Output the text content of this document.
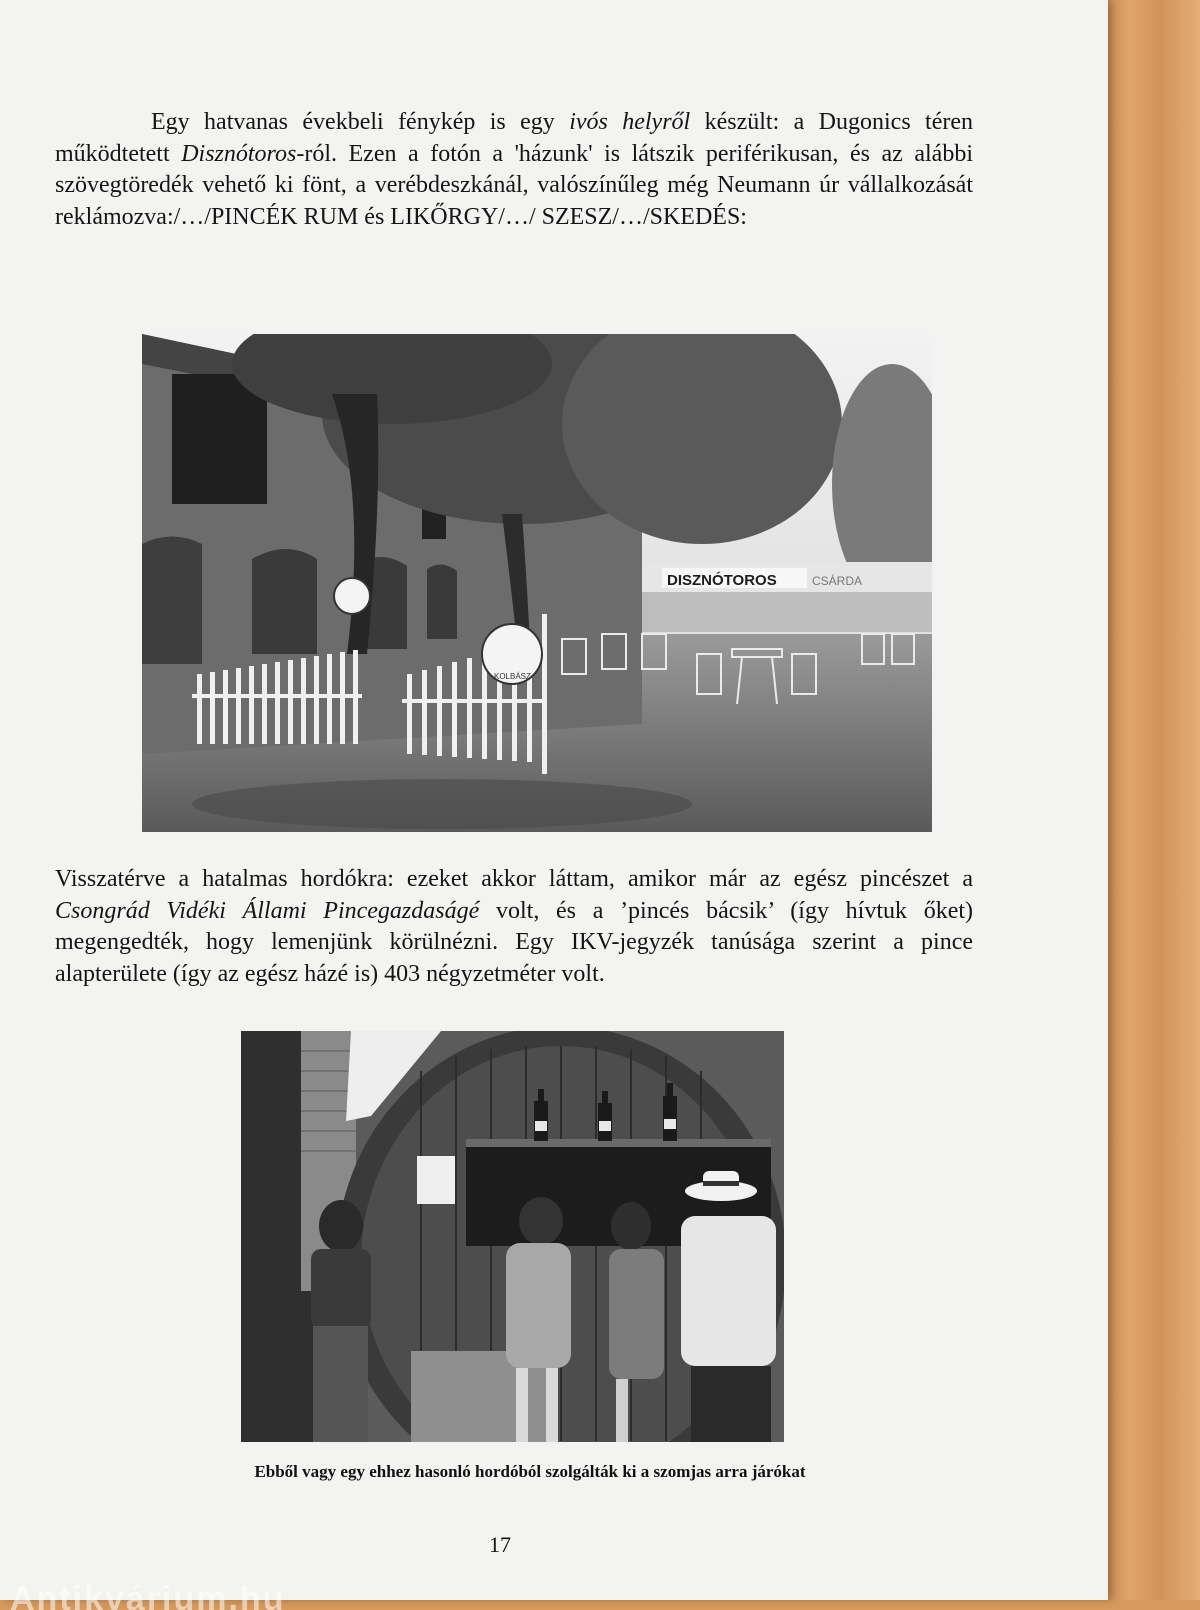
Egy hatvanas évekbeli fénykép is egy ivós helyről készült: a Dugonics téren működtetett Disznótoros-ról. Ezen a fotón a 'házunk' is látszik periférikusan, és az alábbi szövegtöredék vehető ki fönt, a verébdeszkánál, valószínűleg még Neumann úr vállalkozását reklámozva:/…/PINCÉK RUM és LIKŐRGY/…/ SZESZ/…/SKEDÉS:
DISZNÓTOROS	CSÁRDA
KOLBÁSZ
Visszatérve a hatalmas hordókra: ezeket akkor láttam, amikor már az egész pincészet a Csongrád Vidéki Állami Pincegazdaságé volt, és a ’pincés bácsik’ (így hívtuk őket) megengedték, hogy lemenjünk körülnézni. Egy IKV-jegyzék tanúsága szerint a pince alapterülete (így az egész házé is) 403 négyzetméter volt.
Ebből vagy egy ehhez hasonló hordóból szolgálták ki a szomjas arra járókat
17
Antikvárium.hu
